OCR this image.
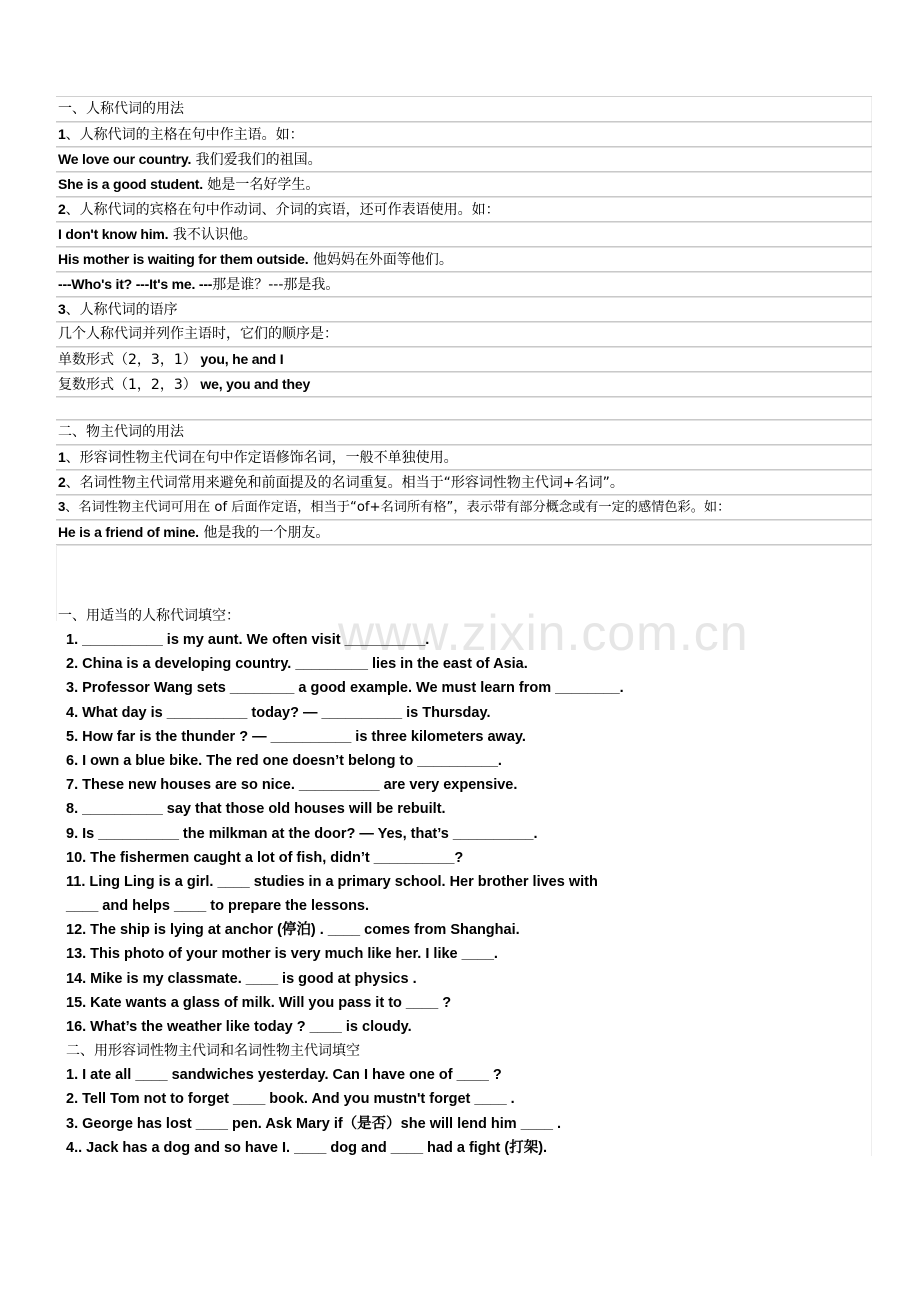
一、人称代词的用法
1、人称代词的主格在句中作主语。如：
We love our country. 我们爱我们的祖国。
She is a good student. 她是一名好学生。
2、人称代词的宾格在句中作动词、介词的宾语，还可作表语使用。如：
I don't know him. 我不认识他。
His mother is waiting for them outside. 他妈妈在外面等他们。
---Who's it? ---It's me. ---那是谁？---那是我。
3、人称代词的语序
几个人称代词并列作主语时，它们的顺序是：
单数形式（2，3，1） you, he and I
复数形式（1，2，3） we, you and they
二、物主代词的用法
1、形容词性物主代词在句中作定语修饰名词，一般不单独使用。
2、名词性物主代词常用来避免和前面提及的名词重复。相当于“形容词性物主代词+名词”。
3、名词性物主代词可用在 of 后面作定语，相当于“of+名词所有格”，表示带有部分概念或有一定的感情色彩。如：
He is a friend of mine. 他是我的一个朋友。
www.zixin.com.cn
一、用适当的人称代词填空：
1. __________ is my aunt. We often visit __________.
2. China is a developing country. _________ lies in the east of Asia.
3. Professor Wang sets ________ a good example. We must learn from ________.
4. What day is __________ today? — __________ is Thursday.
5. How far is the thunder ? — __________ is three kilometers away.
6. I own a blue bike. The red one doesn’t belong to __________.
7. These new houses are so nice. __________ are very expensive.
8. __________ say that those old houses will be rebuilt.
9. Is __________ the milkman at the door? — Yes, that’s __________.
10. The fishermen caught a lot of fish, didn’t __________?
11. Ling Ling is a girl. ____ studies in a primary school. Her brother lives with
____ and helps ____ to prepare the lessons.
12. The ship is lying at anchor (停泊) . ____ comes from Shanghai.
13. This photo of your mother is very much like her. I like ____.
14. Mike is my classmate. ____ is good at physics .
15. Kate wants a glass of milk. Will you pass it to ____ ?
16. What’s the weather like today ? ____ is cloudy.
二、用形容词性物主代词和名词性物主代词填空
1. I ate all ____ sandwiches yesterday. Can I have one of ____ ?
2. Tell Tom not to forget ____ book. And you mustn't forget ____ .
3. George has lost ____ pen. Ask Mary if（是否）she will lend him ____ .
4.. Jack has a dog and so have I. ____ dog and ____ had a fight (打架).
